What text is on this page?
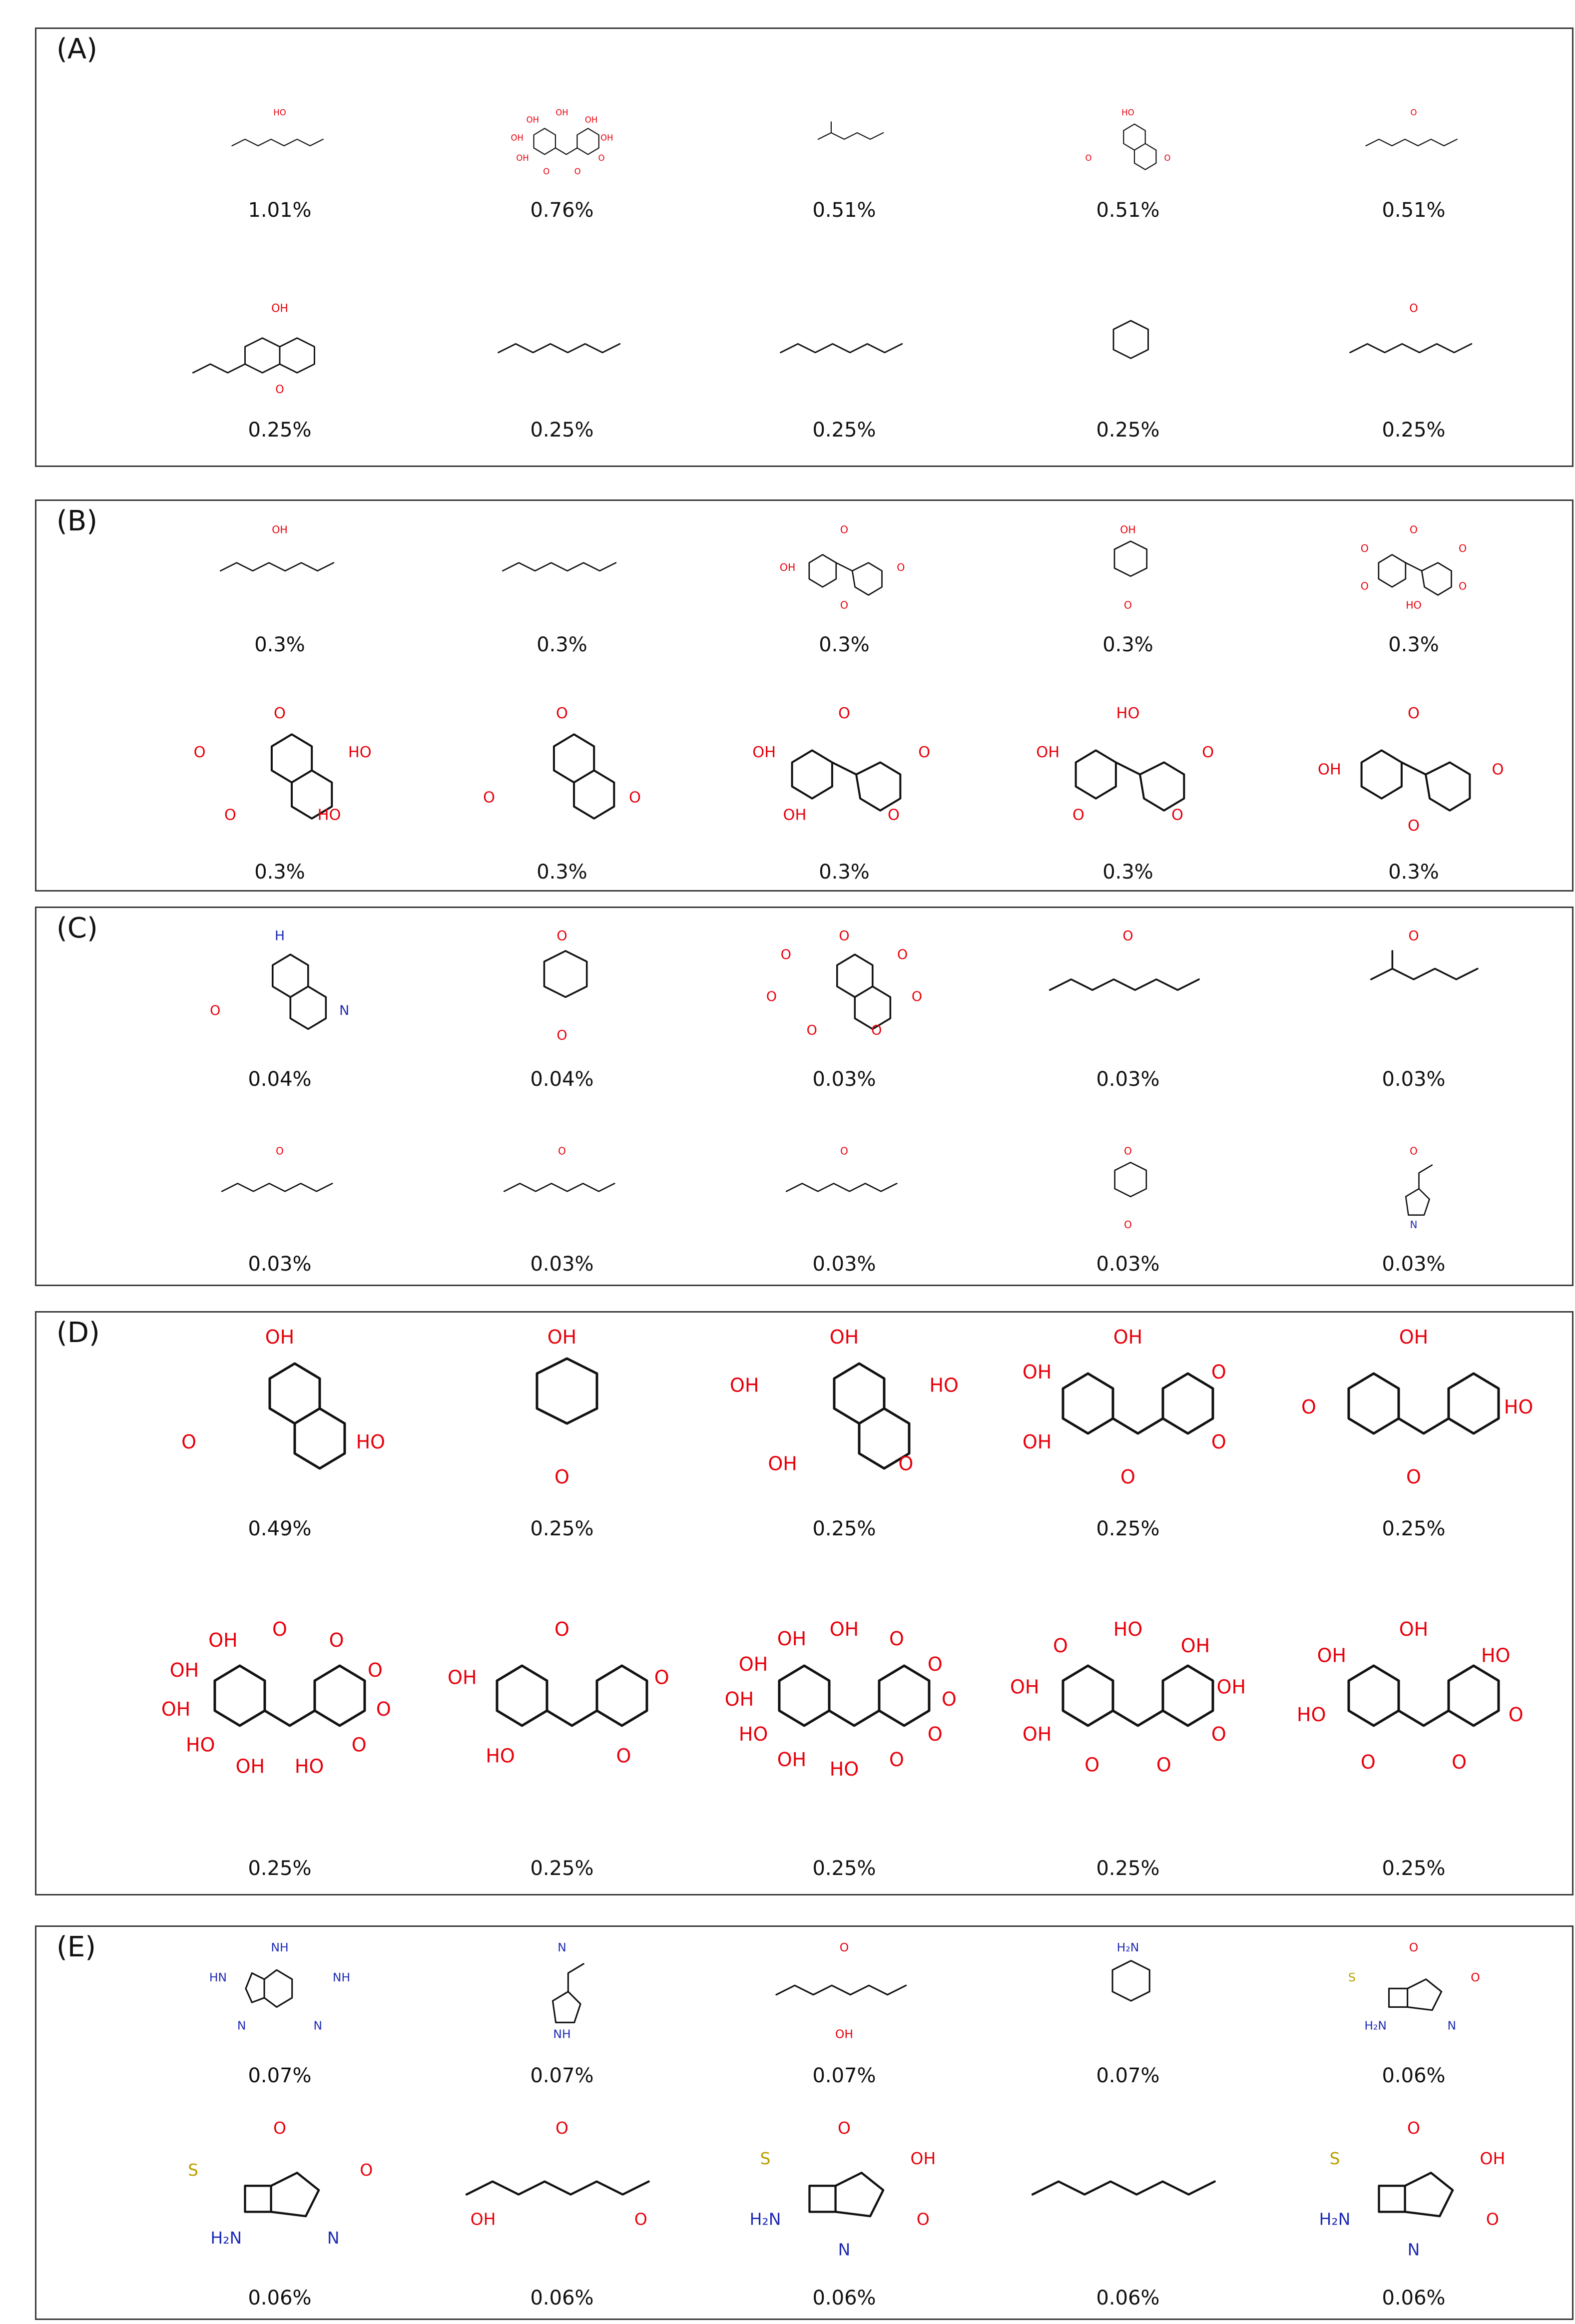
(A)
HO
1.01%
OH
OH
OH
O
O
O
OH
OH
OH
0.76%	0.51%
HO
O
O
0.51%
O
0.51%
OH
O
0.25%	0.25%	0.25%	0.25%
O
0.25%
(B)	OH
0.3%	0.3%
O
O
O
OH
0.3%
OH
O
0.3%
O
O
O
HO
O
O
0.3%
O
HO
HO
O
O
0.3%
O
O
O
0.3%
O
O
O
OH
OH
0.3%
HO
O
O
O
OH
0.3%
O
O
O
OH
0.3%
(C)	H
N
O
0.04%
O
O
0.04%
O
O
O
O
O
O
O
0.03%
O
0.03%
O
0.03%
O
0.03%
O
0.03%
O
0.03%
O
O
0.03%
O
N
0.03%
(D)	OH
HO
O
0.49%
OH
O
0.25%
OH
HO
O
OH
OH
0.25%
OH
O
O
O
OH
OH
0.25%
OH
HO
O
O
0.25%
O
O
O
O
O
HO
OH
HO
OH
OH
OH
0.25%
O
O
O
HO
OH
0.25%
OH O
O
O
O
O
HO
OH
HO
OH
OH
OH
0.25%
HO
OH
OH
O
O
O
OH
OH
O
0.25%
OH
HO
O
O
O
HO
OH
0.25%
(E)	NH
NH
N
N
HN
0.07%
N
NH
0.07%
O
OH
0.07%
H₂N
0.07%
O
O
N
H₂N
S
0.06%
O
O
N
H₂N
S
0.06%
O
O
OH
0.06%
O
OH
O
N
H₂N
S
0.06%	0.06%
O
OH
O
N
H₂N
S
0.06%
